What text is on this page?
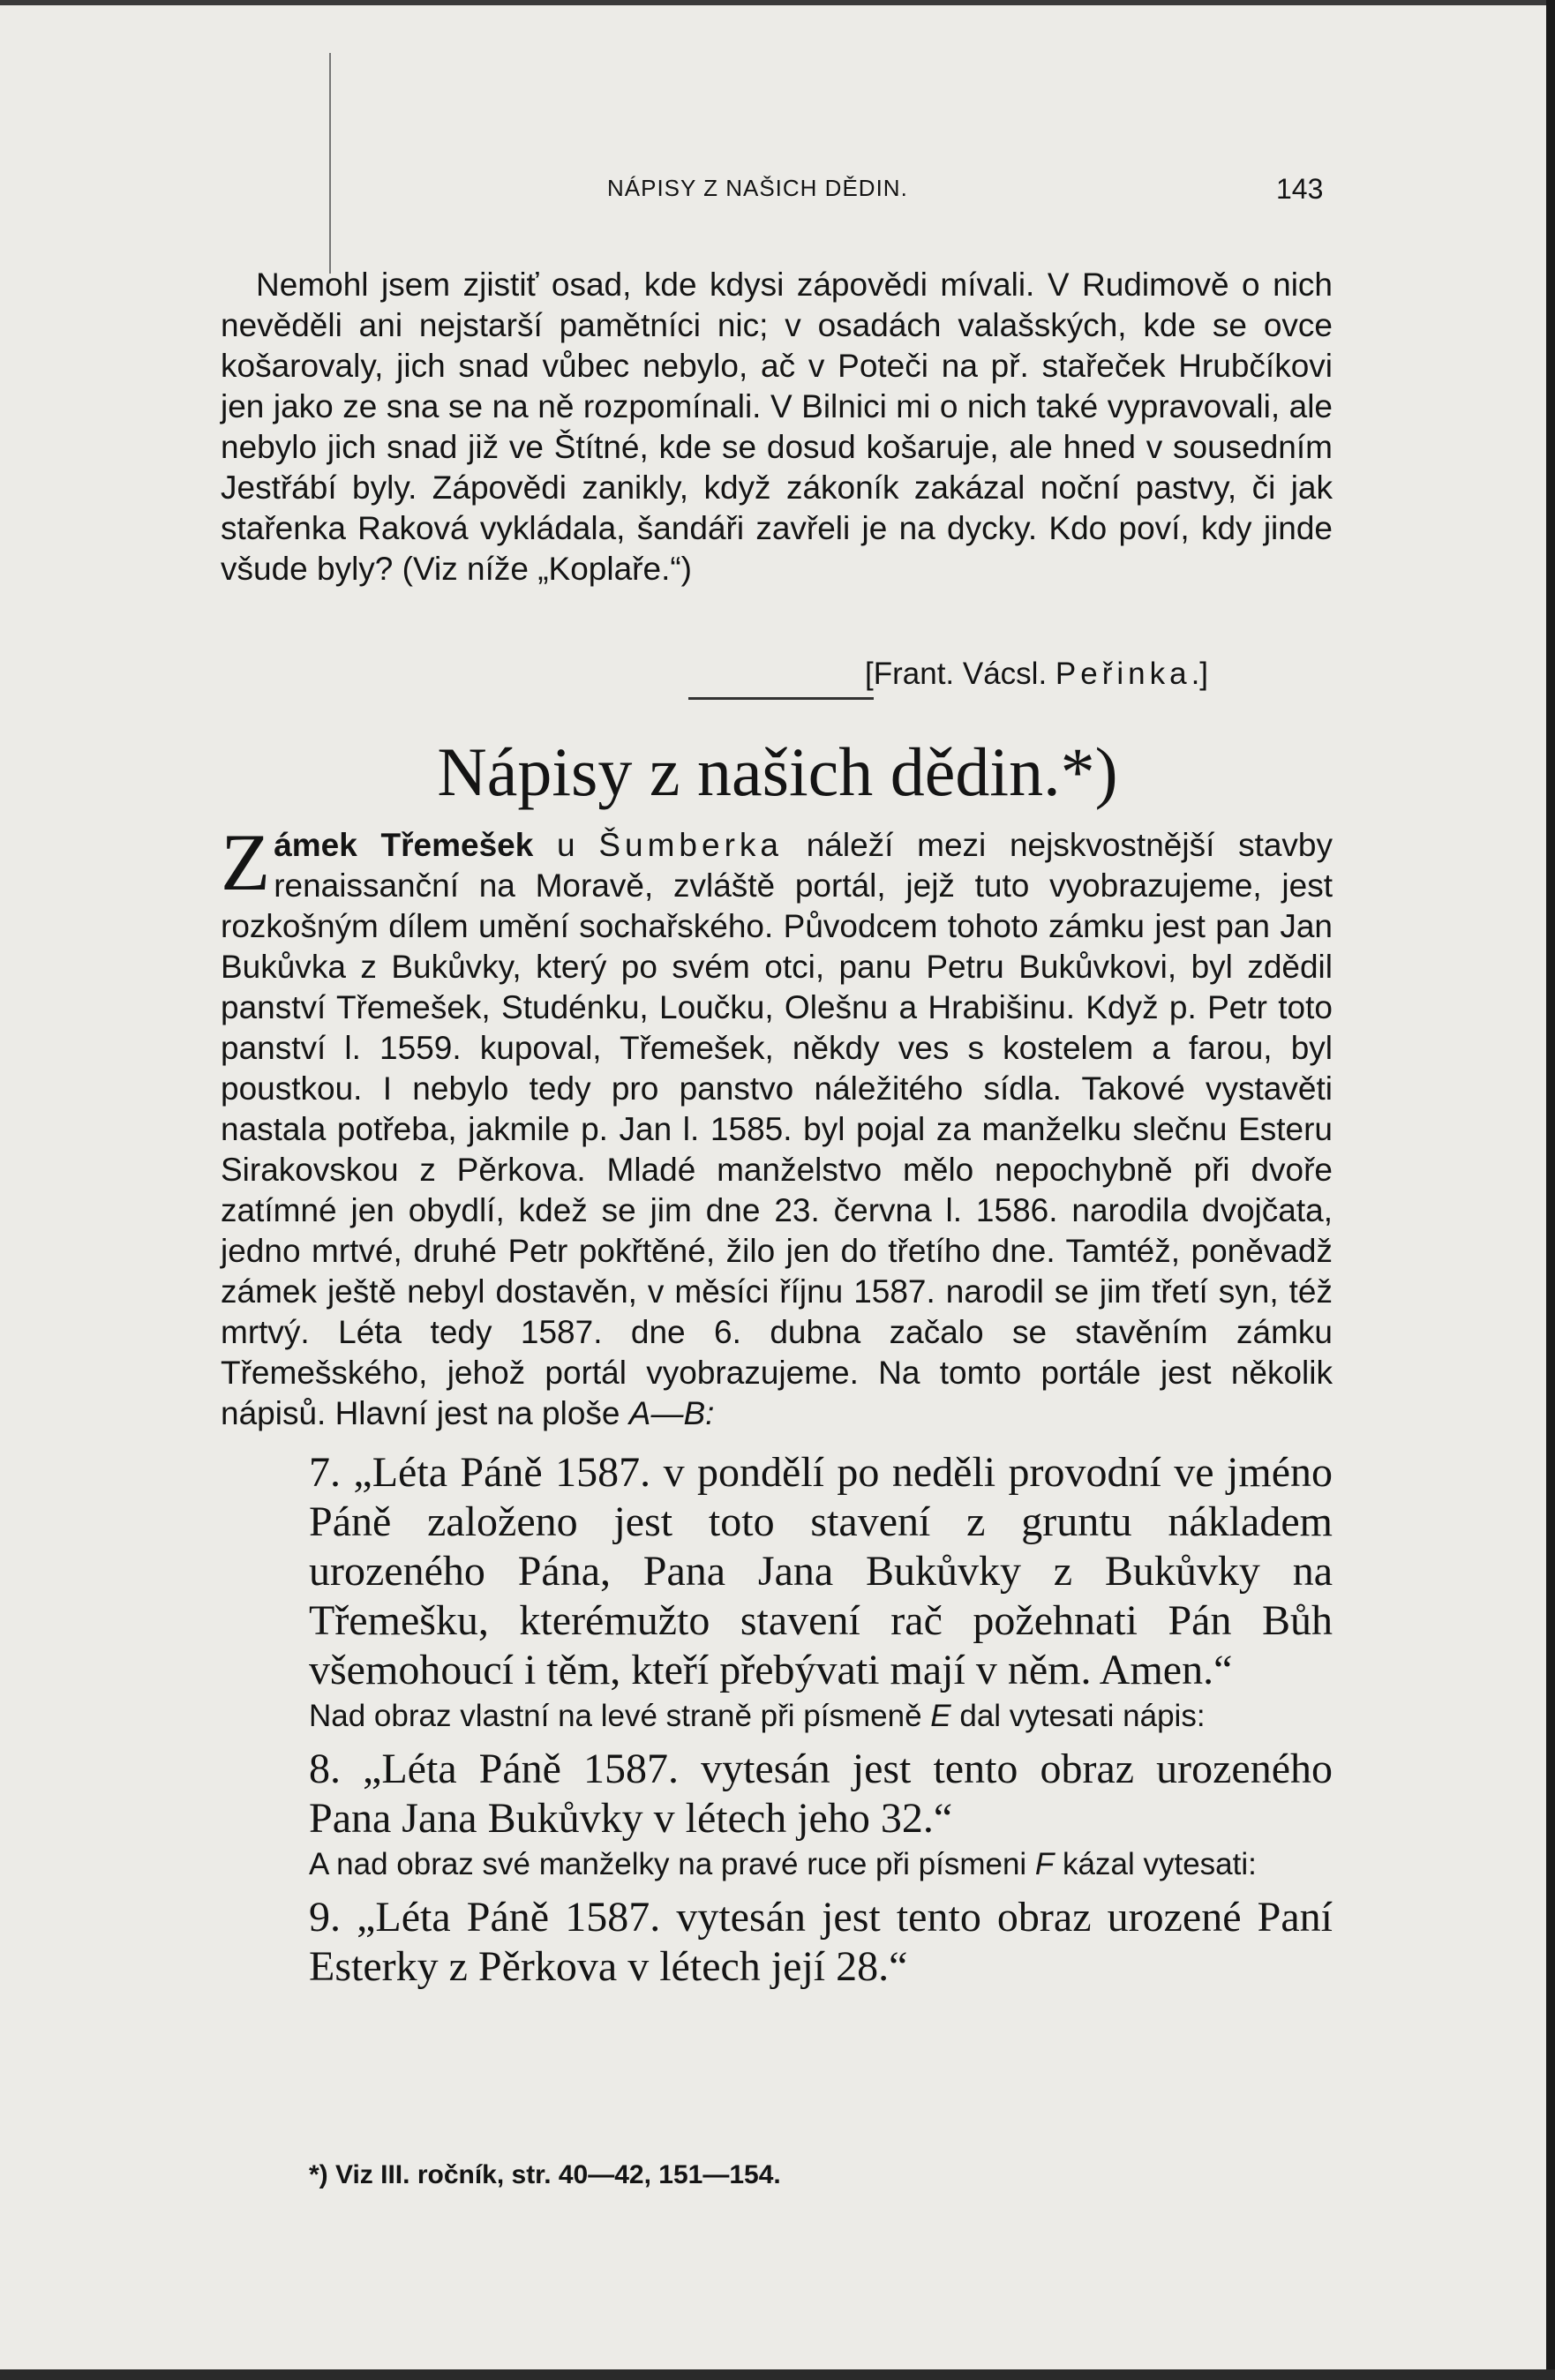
NÁPISY Z NAŠICH DĚDIN.	143

Nemohl jsem zjistiť osad, kde kdysi zápovědi mívali. V Rudimově o nich nevěděli ani nejstarší pamětníci nic; v osadách valašských, kde se ovce košarovaly, jich snad vůbec nebylo, ač v Poteči na př. stařeček Hrubčíkovi jen jako ze sna se na ně rozpomínali. V Bilnici mi o nich také vypravovali, ale nebylo jich snad již ve Štítné, kde se dosud košaruje, ale hned v sousedním Jestřábí byly. Zápovědi zanikly, když zákoník zakázal noční pastvy, či jak stařenka Raková vykládala, šandáři zavřeli je na dycky. Kdo poví, kdy jinde všude byly? (Viz níže „Koplaře.“)

[Frant. Vácsl. Peřinka.]
Nápisy z našich dědin.*)

Zámek Třemešek u Šumberka náleží mezi nejskvostnější stavby renaissanční na Moravě, zvláště portál, jejž tuto vyobrazujeme, jest rozkošným dílem umění sochařského. Původcem tohoto zámku jest pan Jan Bukůvka z Bukůvky, který po svém otci, panu Petru Bukůvkovi, byl zdědil panství Třemešek, Studénku, Loučku, Olešnu a Hrabišinu. Když p. Petr toto panství l. 1559. kupoval, Třemešek, někdy ves s kostelem a farou, byl poustkou. I nebylo tedy pro panstvo náležitého sídla. Takové vystavěti nastala potřeba, jakmile p. Jan l. 1585. byl pojal za manželku slečnu Esteru Sirakovskou z Pěrkova. Mladé manželstvo mělo nepochybně při dvoře zatímné jen obydlí, kdež se jim dne 23. června l. 1586. narodila dvojčata, jedno mrtvé, druhé Petr pokřtěné, žilo jen do třetího dne. Tamtéž, poněvadž zámek ještě nebyl dostavěn, v měsíci říjnu 1587. narodil se jim třetí syn, též mrtvý. Léta tedy 1587. dne 6. dubna začalo se stavěním zámku Třemešského, jehož portál vyobrazujeme. Na tomto portále jest několik nápisů. Hlavní jest na ploše A—B:

7. „Léta Páně 1587. v pondělí po neděli provodní ve jméno Páně založeno jest toto stavení z gruntu nákladem urozeného Pána, Pana Jana Bukůvky z Bukůvky na Třemešku, kterémužto stavení rač požehnati Pán Bůh všemohoucí i těm, kteří přebývati mají v něm. Amen.“

Nad obraz vlastní na levé straně při písmeně E dal vytesati nápis:

8. „Léta Páně 1587. vytesán jest tento obraz urozeného Pana Jana Bukůvky v létech jeho 32.“

A nad obraz své manželky na pravé ruce při písmeni F kázal vytesati:

9. „Léta Páně 1587. vytesán jest tento obraz urozené Paní Esterky z Pěrkova v létech její 28.“

*) Viz III. ročník, str. 40—42, 151—154.
